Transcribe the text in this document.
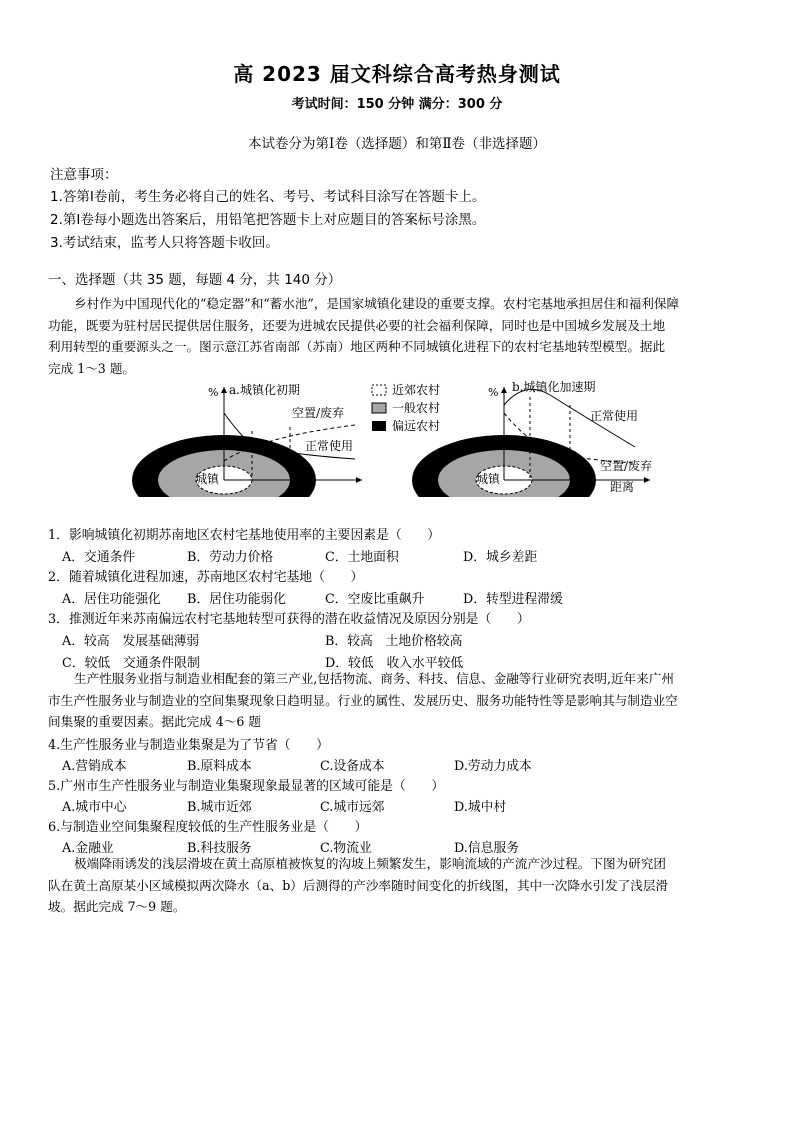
高 2023 届文科综合高考热身测试
考试时间：150 分钟 满分：300 分
本试卷分为第Ⅰ卷（选择题）和第Ⅱ卷（非选择题）
注意事项：
1.答第Ⅰ卷前，考生务必将自己的姓名、考号、考试科目涂写在答题卡上。
2.第Ⅰ卷每小题选出答案后，用铅笔把答题卡上对应题目的答案标号涂黑。
3.考试结束，监考人只将答题卡收回。
一、选择题（共 35 题，每题 4 分，共 140 分）
乡村作为中国现代化的“稳定器”和“蓄水池”，是国家城镇化建设的重要支撑。农村宅基地承担居住和福利保障
功能，既要为驻村居民提供居住服务，还要为进城农民提供必要的社会福利保障，同时也是中国城乡发展及土地
利用转型的重要源头之一。图示意江苏省南部（苏南）地区两种不同城镇化进程下的农村宅基地转型模型。据此
完成 1～3 题。
% a.城镇化初期
空置/废弃
正常使用
城镇
距离
近郊农村
一般农村
偏远农村
% b.城镇化加速期
正常使用
空置/废弃
城镇
距离
1．影响城镇化初期苏南地区农村宅基地使用率的主要因素是（　　）
A．交通条件	B．劳动力价格	C．土地面积	D．城乡差距
2．随着城镇化进程加速，苏南地区农村宅基地（　　）
A．居住功能强化 B．居住功能弱化	C．空废比重飙升	D．转型进程滞缓
3．推测近年来苏南偏远农村宅基地转型可获得的潜在收益情况及原因分别是（　　）
A．较高　发展基础薄弱	B．较高　土地价格较高
C．较低　交通条件限制	D．较低　收入水平较低
生产性服务业指与制造业相配套的第三产业,包括物流、商务、科技、信息、金融等行业研究表明,近年来广州
市生产性服务业与制造业的空间集聚现象日趋明显。行业的属性、发展历史、服务功能特性等是影响其与制造业空
间集聚的重要因素。据此完成 4～6 题
4.生产性服务业与制造业集聚是为了节省（　　）
A.营销成本	B.原料成本	C.设备成本	D.劳动力成本
5.广州市生产性服务业与制造业集聚现象最显著的区域可能是（　　）
A.城市中心	B.城市近郊	C.城市远郊	D.城中村
6.与制造业空间集聚程度较低的生产性服务业是（　　）
A.金融业	B.科技服务	C.物流业	D.信息服务
极端降雨诱发的浅层滑坡在黄土高原植被恢复的沟坡上频繁发生，影响流域的产流产沙过程。下图为研究团
队在黄土高原某小区域模拟两次降水（a、b）后测得的产沙率随时间变化的折线图，其中一次降水引发了浅层滑
坡。据此完成 7～9 题。
